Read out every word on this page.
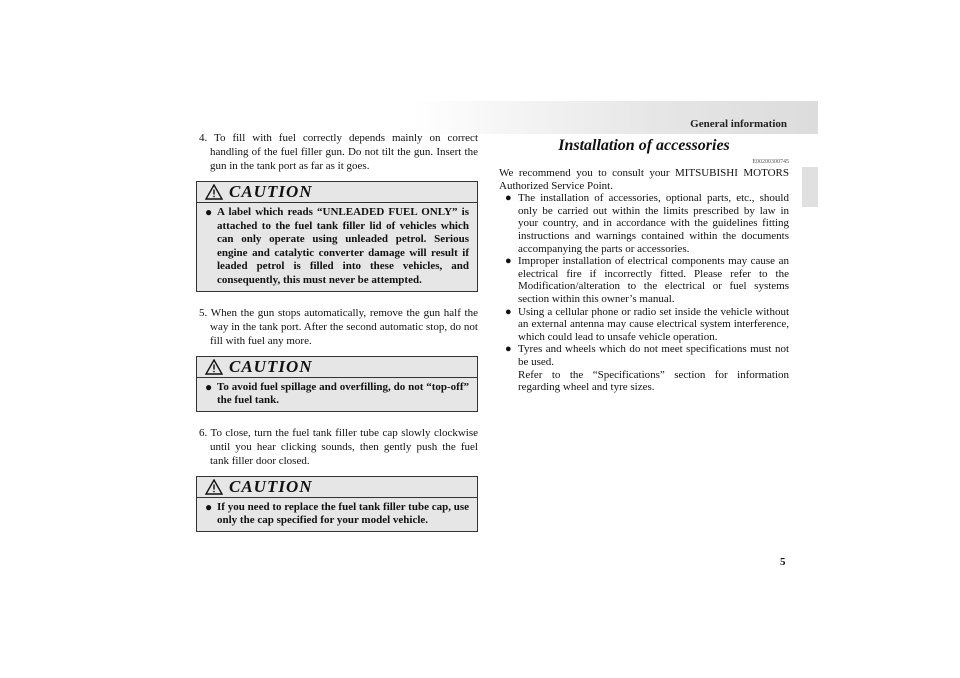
General information

4. To fill with fuel correctly depends mainly on correct handling of the fuel filler gun. Do not tilt the gun. Insert the gun in the tank port as far as it goes.

CAUTION
● A label which reads “UNLEADED FUEL ONLY” is attached to the fuel tank filler lid of vehicles which can only operate using unleaded petrol. Serious engine and catalytic converter damage will result if leaded petrol is filled into these vehicles, and consequently, this must never be attempted.

5. When the gun stops automatically, remove the gun half the way in the tank port. After the second automatic stop, do not fill with fuel any more.

CAUTION
● To avoid fuel spillage and overfilling, do not “top-off” the fuel tank.

6. To close, turn the fuel tank filler tube cap slowly clockwise until you hear clicking sounds, then gently push the fuel tank filler door closed.

CAUTION
● If you need to replace the fuel tank filler tube cap, use only the cap specified for your model vehicle.
Installation of accessories

E00200300745

We recommend you to consult your MITSUBISHI MOTORS Authorized Service Point.

● The installation of accessories, optional parts, etc., should only be carried out within the limits prescribed by law in your country, and in accordance with the guidelines fitting instructions and warnings contained within the documents accompanying the parts or accessories.
● Improper installation of electrical components may cause an electrical fire if incorrectly fitted. Please refer to the Modification/alteration to the electrical or fuel systems section within this owner’s manual.
● Using a cellular phone or radio set inside the vehicle without an external antenna may cause electrical system interference, which could lead to unsafe vehicle operation.
● Tyres and wheels which do not meet specifications must not be used.
Refer to the “Specifications” section for information regarding wheel and tyre sizes.
5
